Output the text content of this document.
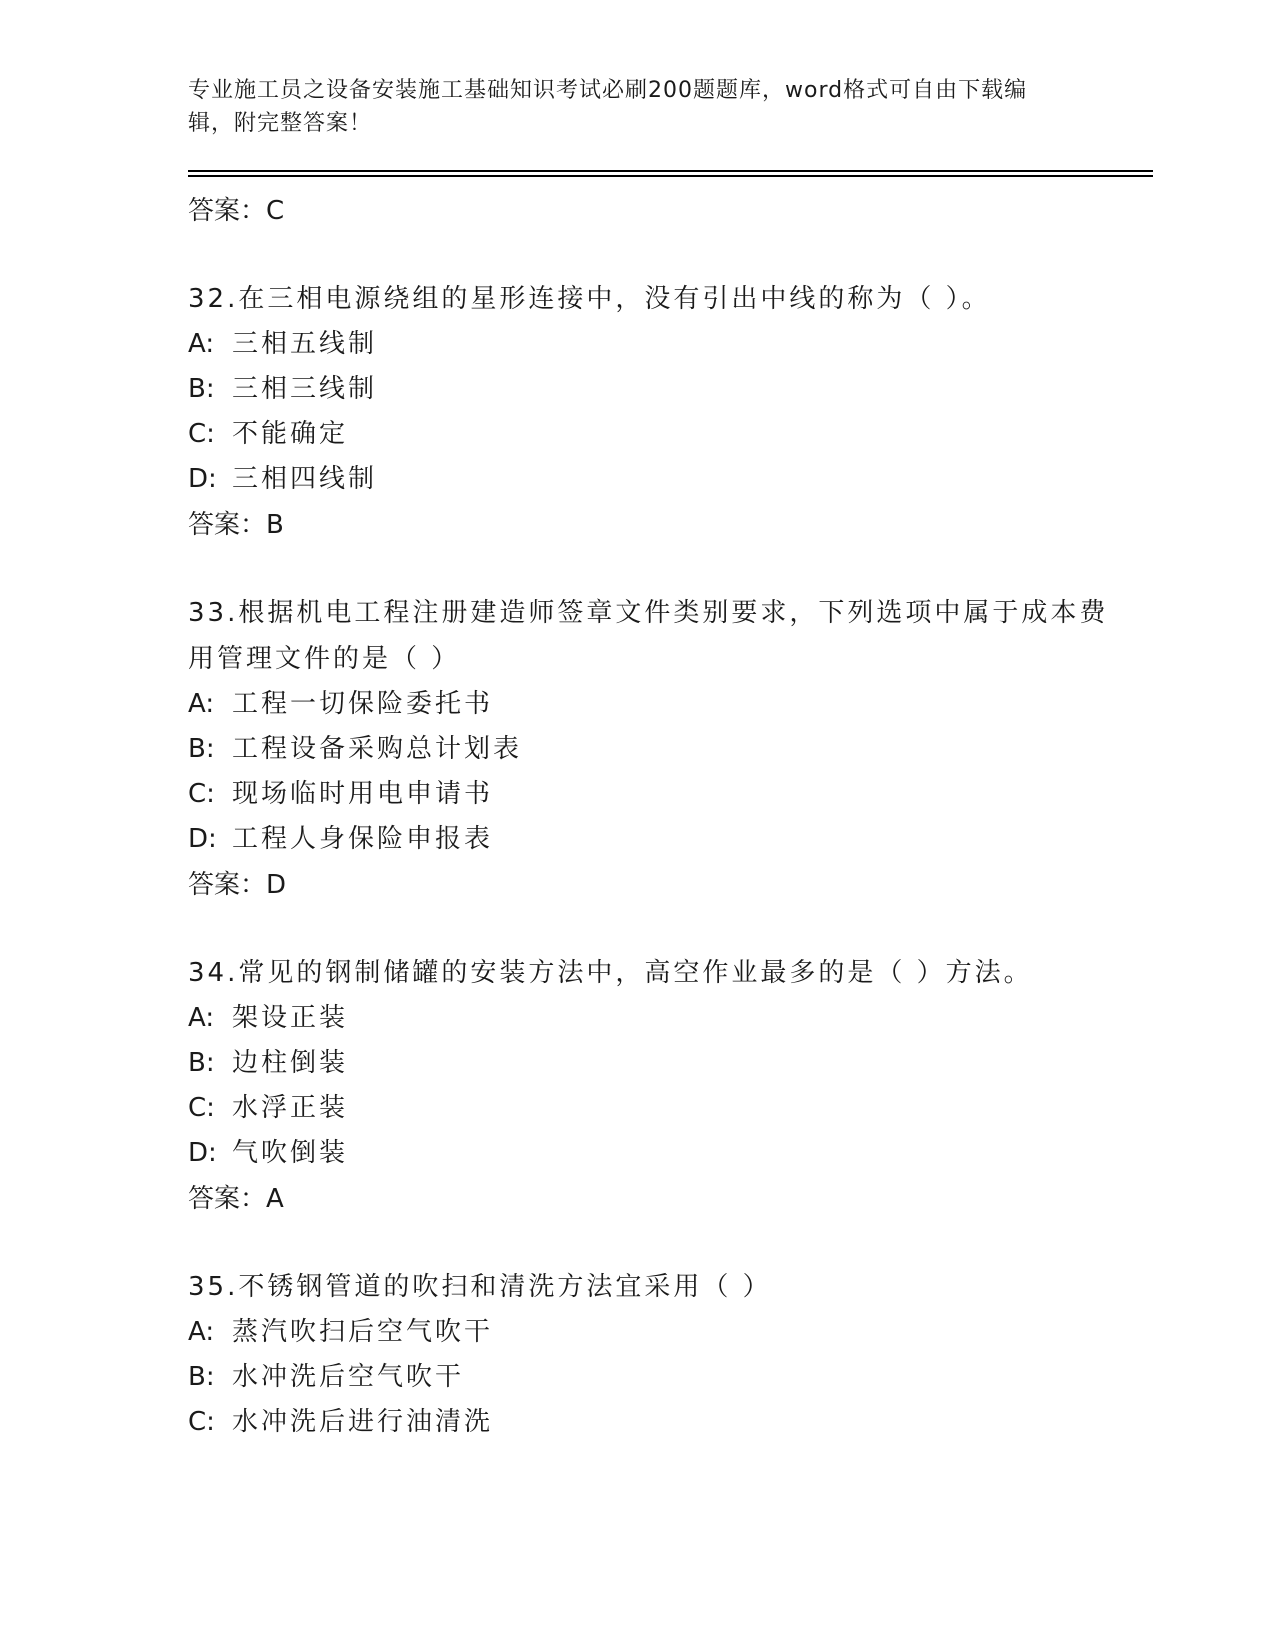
专业施工员之设备安装施工基础知识考试必刷200题题库，word格式可自由下载编辑，附完整答案！
答案：C
32.在三相电源绕组的星形连接中，没有引出中线的称为（ ）。
A: 三相五线制
B: 三相三线制
C: 不能确定
D: 三相四线制
答案：B
33.根据机电工程注册建造师签章文件类别要求，下列选项中属于成本费用管理文件的是（ ）
A: 工程一切保险委托书
B: 工程设备采购总计划表
C: 现场临时用电申请书
D: 工程人身保险申报表
答案：D
34.常见的钢制储罐的安装方法中，高空作业最多的是（ ）方法。
A: 架设正装
B: 边柱倒装
C: 水浮正装
D: 气吹倒装
答案：A
35.不锈钢管道的吹扫和清洗方法宜采用（ ）
A: 蒸汽吹扫后空气吹干
B: 水冲洗后空气吹干
C: 水冲洗后进行油清洗
